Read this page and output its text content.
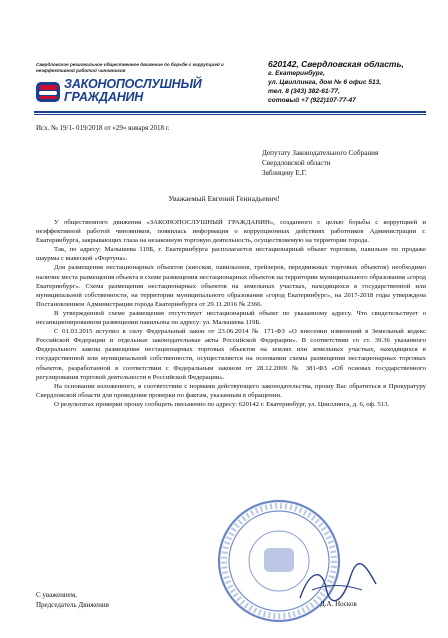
Свердловское региональное общественное движение по борьбе с коррупцией и неэффективной работой чиновников
ЗАКОНОПОСЛУШНЫЙ
ГРАЖДАНИН
620142, Свердловская область,
г. Екатеринбург,
ул. Цвиллинга, дом № 6 офис 513,
тел. 8 (343) 382-61-77,
сотовый +7 (922)107-77-47
Исх. № 19/1- 019/2018 от «29» января 2018 г.
Депутату Законодательного Собрания
Свердловской области
Зяблицеву Е.Г.
Уважаемый Евгений Геннадьевич!

У общественного движения «ЗАКОНОПОСЛУШНЫЙ ГРАЖДАНИН», созданного с целью борьбы с коррупцией и неэффективной работой чиновников, появилась информация о коррупционных действиях работников Администрации г. Екатеринбурга, закрывающих глаза на незаконную торговую деятельность, осуществляемую на территории города.

Так, по адресу: Малышева 119Б, г. Екатеринбурга располагается нестационарный объект торговли, павильон по продаже шаурмы с вывеской «Фортуна».

Для размещения нестационарных объектов (киосков, павильонов, трейлеров, передвижных торговых объектов) необходимо наличие места размещения объекта в схеме размещения нестационарных объектов на территории муниципального образования «город Екатеринбург». Схема размещения нестационарных объектов на земельных участках, находящихся в государственной или муниципальной собственности, на территории муниципального образования «город Екатеринбург», на 2017-2018 годы утверждена Постановлением Администрации города Екатеринбурга от 29.11.2016 № 2366.

В утвержденной схеме размещения отсутствует нестационарный объект по указанному адресу. Что свидетельствует о несанкционированном размещении павильона по адресу: ул. Малышева 119Б.

С 01.03.2015 вступил в силу Федеральный закон от 23.06.2014 № 171-ФЗ «О внесении изменений в Земельный кодекс Российской Федерации и отдельные законодательные акты Российской Федерации». В соответствии со ст. 39.36 указанного Федерального закона размещение нестационарных торговых объектов на землях или земельных участках, находящихся в государственной или муниципальной собственности, осуществляется на основании схемы размещения нестационарных торговых объектов, разработанной в соответствии с Федеральным законом от 28.12.2009 № 381-ФЗ «Об основах государственного регулирования торговой деятельности в Российской Федерации».

На основании изложенного, в соответствии с нормами действующего законодательства, прошу Вас обратиться в Прокуратуру Свердловской области для проведения проверки по фактам, указанным в обращении.

О результатах проверки прошу сообщить письменно по адресу: 620142 г. Екатеринбург, ул. Цвиллинга, д. 6, оф. 513.

С уважением,
Председатель Движения	Д.А. Носков
